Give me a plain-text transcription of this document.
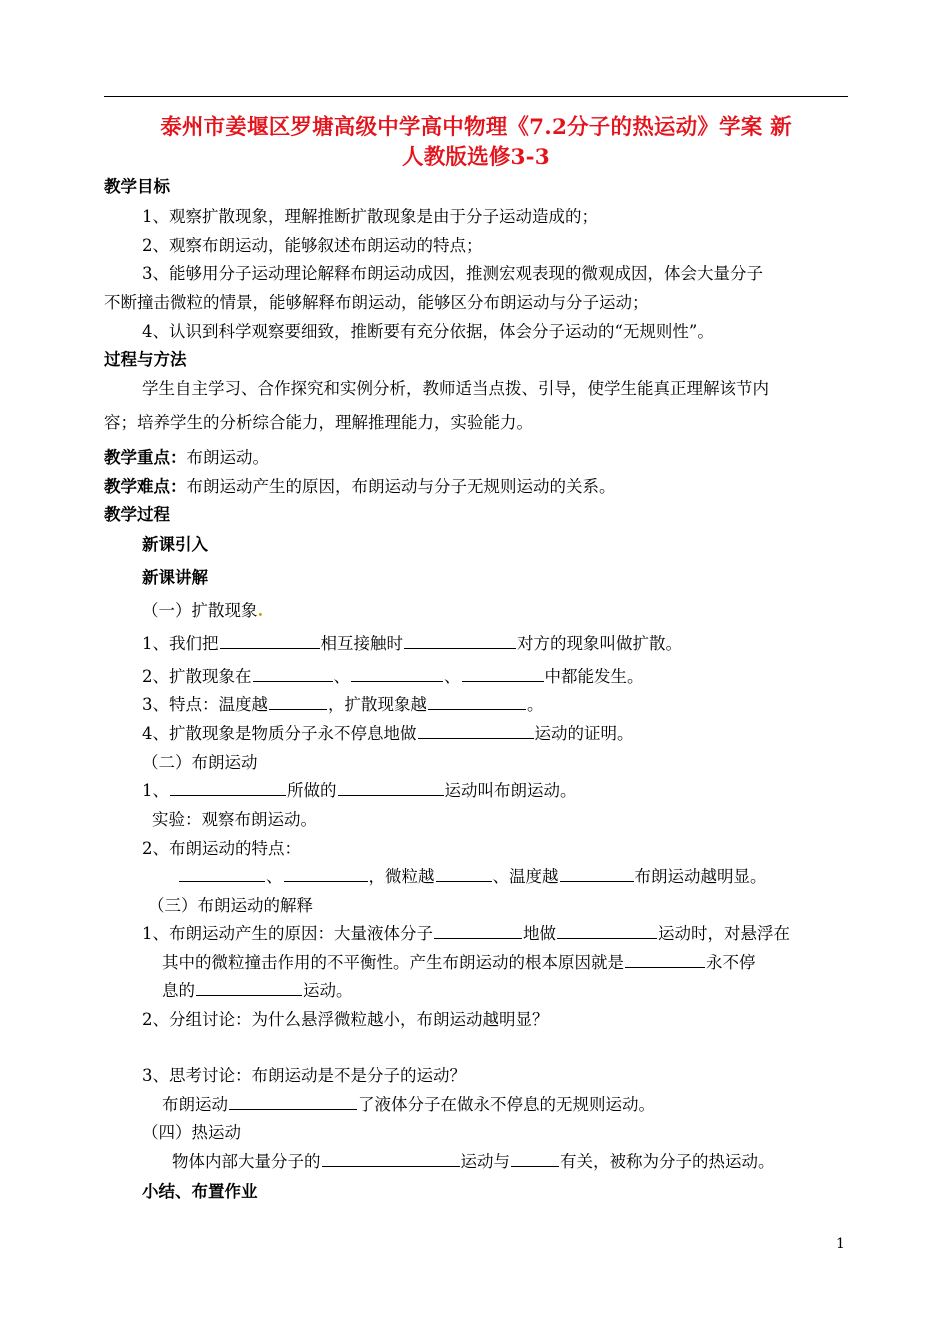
泰州市姜堰区罗塘高级中学高中物理《7.2分子的热运动》学案 新
人教版选修3-3
教学目标
1、观察扩散现象，理解推断扩散现象是由于分子运动造成的；
2、观察布朗运动，能够叙述布朗运动的特点；
3、能够用分子运动理论解释布朗运动成因，推测宏观表现的微观成因，体会大量分子
不断撞击微粒的情景，能够解释布朗运动，能够区分布朗运动与分子运动；
4、认识到科学观察要细致，推断要有充分依据，体会分子运动的“无规则性”。
过程与方法
学生自主学习、合作探究和实例分析，教师适当点拨、引导，使学生能真正理解该节内
容；培养学生的分析综合能力，理解推理能力，实验能力。
教学重点：布朗运动。
教学难点：布朗运动产生的原因，布朗运动与分子无规则运动的关系。
教学过程
新课引入
新课讲解
（一）扩散现象.
1、我们把	相互接触时	对方的现象叫做扩散。
2、扩散现象在	、	、	中都能发生。
3、特点：温度越	，扩散现象越	。
4、扩散现象是物质分子永不停息地做	运动的证明。
（二）布朗运动
1、	所做的	运动叫布朗运动。
实验：观察布朗运动。
2、布朗运动的特点：
、	，微粒越	、温度越	布朗运动越明显。
（三）布朗运动的解释
1、布朗运动产生的原因：大量液体分子	地做	运动时，对悬浮在
其中的微粒撞击作用的不平衡性。产生布朗运动的根本原因就是	永不停
息的	运动。
2、分组讨论：为什么悬浮微粒越小，布朗运动越明显？
3、思考讨论：布朗运动是不是分子的运动？
布朗运动	了液体分子在做永不停息的无规则运动。
（四）热运动
物体内部大量分子的	运动与	有关，被称为分子的热运动。
小结、布置作业
1
